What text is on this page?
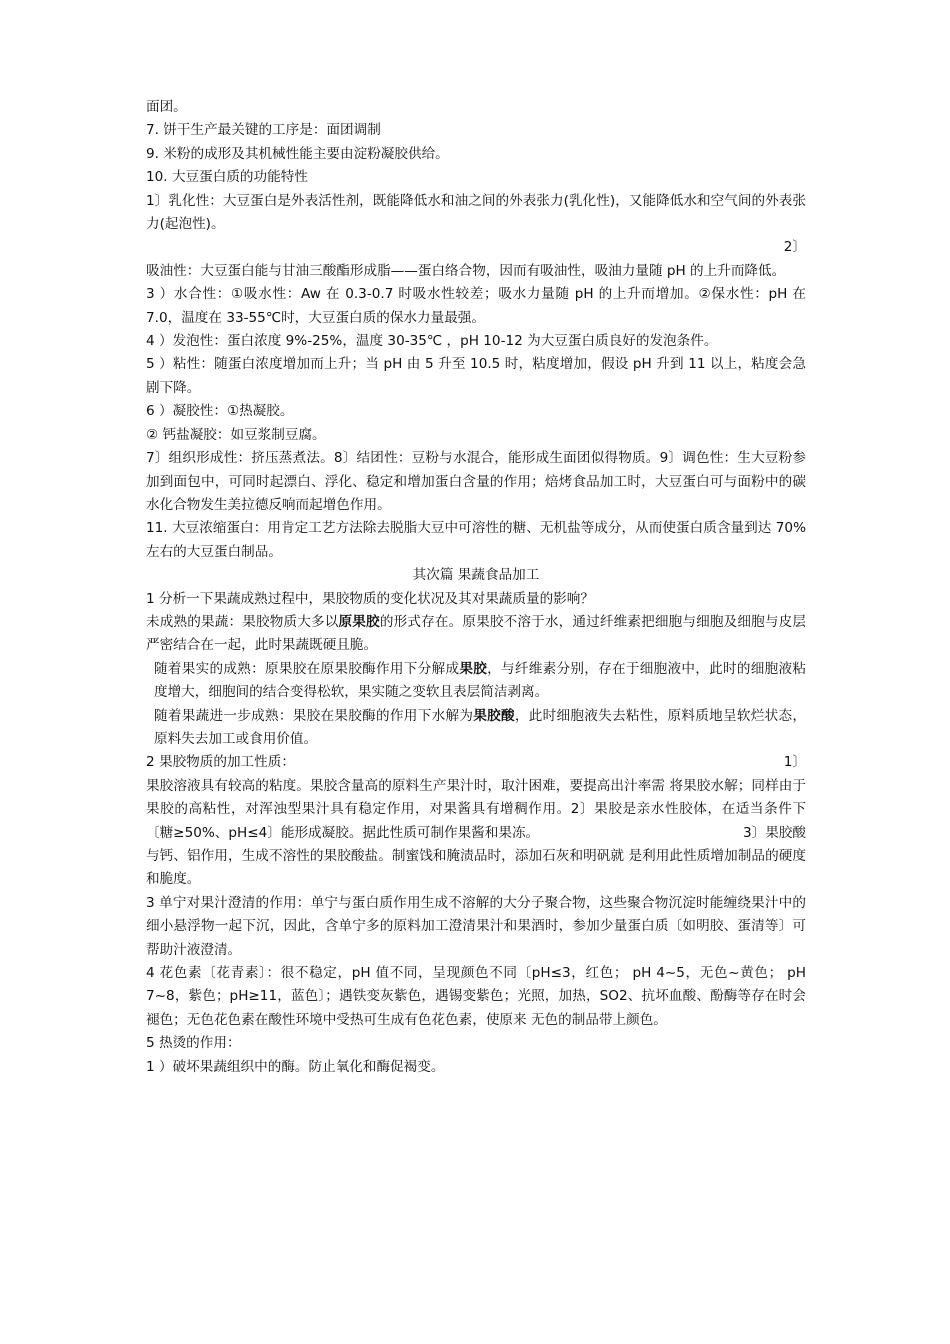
面团。

7. 饼干生产最关键的工序是：面团调制

9. 米粉的成形及其机械性能主要由淀粉凝胶供给。

10. 大豆蛋白质的功能特性

1〕乳化性：大豆蛋白是外表活性剂，既能降低水和油之间的外表张力(乳化性)，又能降低水和空气间的外表张力(起泡性)。
2〕

吸油性：大豆蛋白能与甘油三酸酯形成脂——蛋白络合物，因而有吸油性，吸油力量随 pH 的上升而降低。

3 ）水合性：①吸水性：Aw 在 0.3-0.7 时吸水性较差；吸水力量随 pH 的上升而增加。②保水性：pH 在 7.0，温度在 33-55℃时，大豆蛋白质的保水力量最强。

4 ）发泡性：蛋白浓度 9%-25%，温度 30-35℃ ，pH 10-12 为大豆蛋白质良好的发泡条件。

5 ）粘性：随蛋白浓度增加而上升；当 pH 由 5 升至 10.5 时，粘度增加，假设 pH 升到 11 以上，粘度会急剧下降。

6 ）凝胶性：①热凝胶。

② 钙盐凝胶：如豆浆制豆腐。

7〕组织形成性：挤压蒸煮法。8〕结团性：豆粉与水混合，能形成生面团似得物质。9〕调色性：生大豆粉参加到面包中，可同时起漂白、浮化、稳定和增加蛋白含量的作用；焙烤食品加工时，大豆蛋白可与面粉中的碳水化合物发生美拉德反响而起增色作用。

11. 大豆浓缩蛋白：用肯定工艺方法除去脱脂大豆中可溶性的糖、无机盐等成分，从而使蛋白质含量到达 70%左右的大豆蛋白制品。

其次篇 果蔬食品加工

1 分析一下果蔬成熟过程中，果胶物质的变化状况及其对果蔬质量的影响？

未成熟的果蔬：果胶物质大多以原果胶的形式存在。原果胶不溶于水，通过纤维素把细胞与细胞及细胞与皮层严密结合在一起，此时果蔬既硬且脆。

随着果实的成熟：原果胶在原果胶酶作用下分解成果胶，与纤维素分别，存在于细胞液中，此时的细胞液粘度增大，细胞间的结合变得松软，果实随之变软且表层简洁剥离。

随着果蔬进一步成熟：果胶在果胶酶的作用下水解为果胶酸，此时细胞液失去粘性，原料质地呈软烂状态，原料失去加工或食用价值。

2 果胶物质的加工性质：	1〕

果胶溶液具有较高的粘度。果胶含量高的原料生产果汁时，取汁困难，要提高出汁率需 将果胶水解；同样由于果胶的高粘性，对浑浊型果汁具有稳定作用，对果酱具有增稠作用。2〕果胶是亲水性胶体，在适当条件下〔糖≥50%、pH≤4〕能形成凝胶。据此性质可制作果酱和果冻。	3〕果胶酸

与钙、铝作用，生成不溶性的果胶酸盐。制蜜饯和腌渍品时，添加石灰和明矾就 是利用此性质增加制品的硬度和脆度。

3 单宁对果汁澄清的作用：单宁与蛋白质作用生成不溶解的大分子聚合物，这些聚合物沉淀时能缠绕果汁中的细小悬浮物一起下沉，因此，含单宁多的原料加工澄清果汁和果酒时，参加少量蛋白质〔如明胶、蛋清等〕可帮助汁液澄清。

4 花色素〔花青素〕：很不稳定，pH 值不同，呈现颜色不同〔pH≤3，红色； pH 4~5，无色~黄色； pH 7~8，紫色；pH≥11，蓝色〕；遇铁变灰紫色，遇锡变紫色；光照，加热，SO2、抗坏血酸、酚酶等存在时会褪色；无色花色素在酸性环境中受热可生成有色花色素，使原来 无色的制品带上颜色。

5 热烫的作用：

1 ）破坏果蔬组织中的酶。防止氧化和酶促褐变。
